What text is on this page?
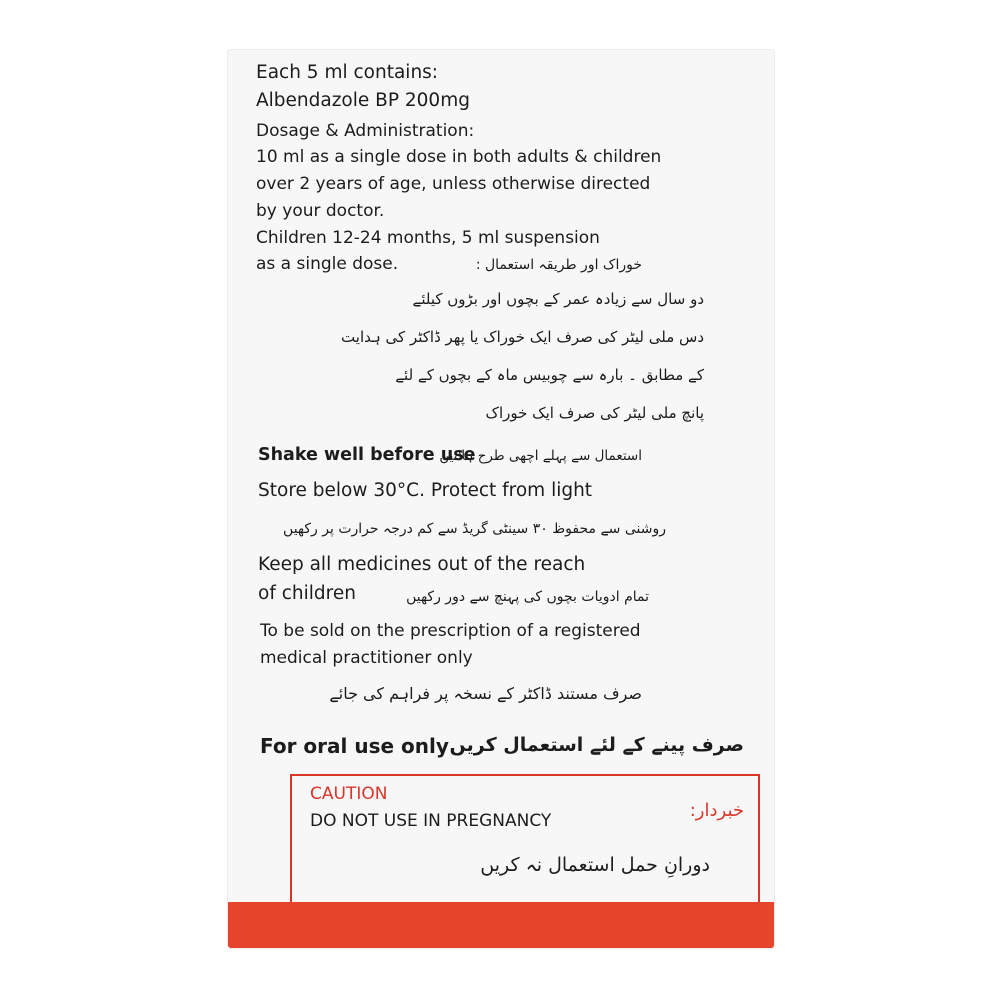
Each 5 ml contains:
Albendazole BP 200mg
Dosage & Administration:
10 ml as a single dose in both adults & children
over 2 years of age, unless otherwise directed
by your doctor.
Children 12-24 months, 5 ml suspension
as a single dose.	خوراک اور طریقہ استعمال :
دو سال سے زیادہ عمر کے بچوں اور بڑوں کیلئے
دس ملی لیٹر کی صرف ایک خوراک یا پھر ڈاکٹر کی ہدایت
کے مطابق ۔ بارہ سے چوبیس ماہ کے بچوں کے لئے
پانچ ملی لیٹر کی صرف ایک خوراک
Shake well before use
استعمال سے پہلے اچھی طرح ہلائیں
Store below 30°C. Protect from light
روشنی سے محفوظ ۳۰ سینٹی گریڈ سے کم درجہ حرارت پر رکھیں
Keep all medicines out of the reach
of children	تمام ادویات بچوں کی پہنچ سے دور رکھیں
To be sold on the prescription of a registered
medical practitioner only
صرف مستند ڈاکٹر کے نسخہ پر فراہم کی جائے
For oral use only صرف پینے کے لئے استعمال کریں
CAUTION
DO NOT USE IN PREGNANCY	خبردار:
دورانِ حمل استعمال نہ کریں
